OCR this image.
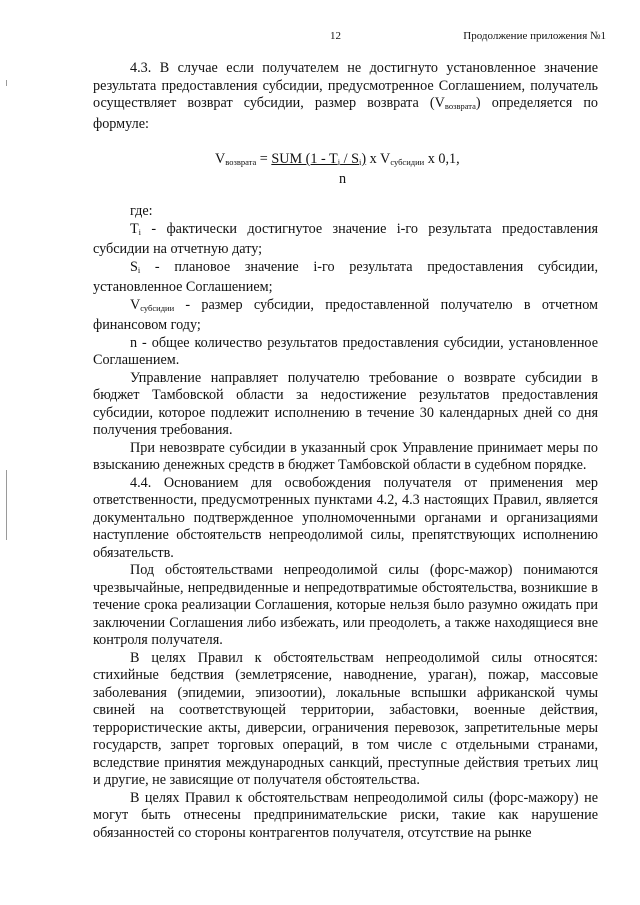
12	Продолжение приложения №1

4.3. В случае если получателем не достигнуто установленное значение результата предоставления субсидии, предусмотренное Соглашением, получатель осуществляет возврат субсидии, размер возврата $(V_{возврата})$ определяется по формуле:

$V_{возврата}$ = SUM $(1 - T_i / S_i)$ x $V_{субсидии}$ x 0,1,
n

где:

$T_i$ - фактически достигнутое значение i-го результата предоставления субсидии на отчетную дату;

$S_i$ - плановое значение i-го результата предоставления субсидии, установленное Соглашением;

$V_{субсидии}$ - размер субсидии, предоставленной получателю в отчетном финансовом году;

n - общее количество результатов предоставления субсидии, установленное Соглашением.

Управление направляет получателю требование о возврате субсидии в бюджет Тамбовской области за недостижение результатов предоставления субсидии, которое подлежит исполнению в течение 30 календарных дней со дня получения требования.

При невозврате субсидии в указанный срок Управление принимает меры по взысканию денежных средств в бюджет Тамбовской области в судебном порядке.

4.4. Основанием для освобождения получателя от применения мер ответственности, предусмотренных пунктами 4.2, 4.3 настоящих Правил, является документально подтвержденное уполномоченными органами и организациями наступление обстоятельств непреодолимой силы, препятствующих исполнению обязательств.

Под обстоятельствами непреодолимой силы (форс-мажор) понимаются чрезвычайные, непредвиденные и непредотвратимые обстоятельства, возникшие в течение срока реализации Соглашения, которые нельзя было разумно ожидать при заключении Соглашения либо избежать, или преодолеть, а также находящиеся вне контроля получателя.

В целях Правил к обстоятельствам непреодолимой силы относятся: стихийные бедствия (землетрясение, наводнение, ураган), пожар, массовые заболевания (эпидемии, эпизоотии), локальные вспышки африканской чумы свиней на соответствующей территории, забастовки, военные действия, террористические акты, диверсии, ограничения перевозок, запретительные меры государств, запрет торговых операций, в том числе с отдельными странами, вследствие принятия международных санкций, преступные действия третьих лиц и другие, не зависящие от получателя обстоятельства.

В целях Правил к обстоятельствам непреодолимой силы (форс-мажору) не могут быть отнесены предпринимательские риски, такие как нарушение обязанностей со стороны контрагентов получателя, отсутствие на рынке
